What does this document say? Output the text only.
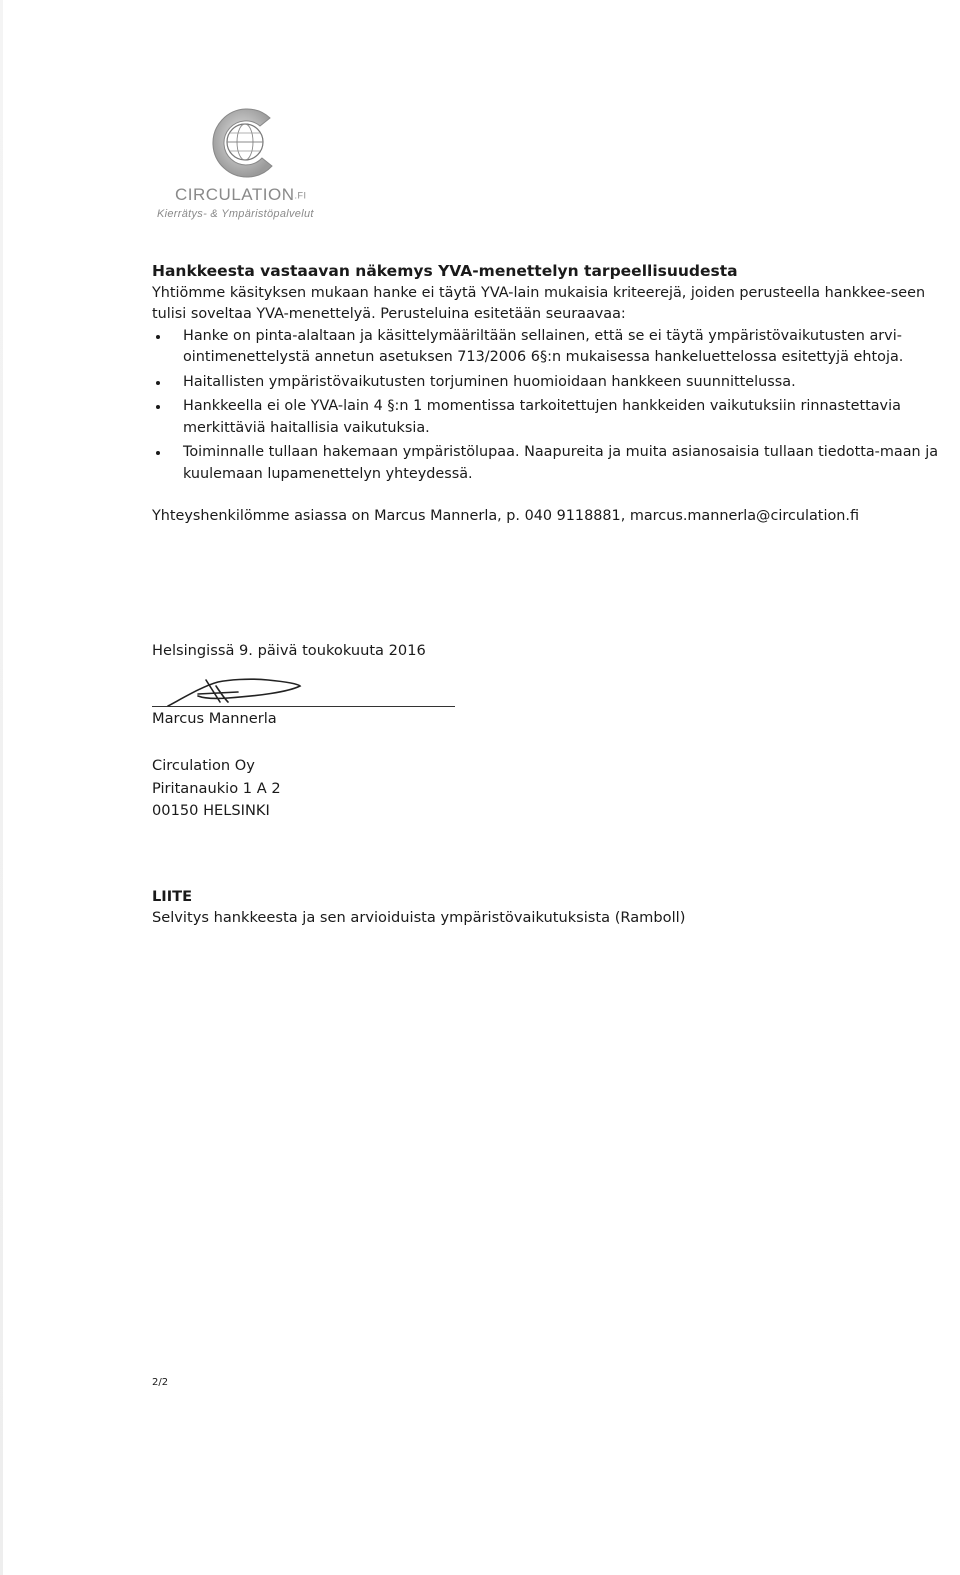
CIRCULATION.FI
Kierrätys- & Ympäristöpalvelut

Hankkeesta vastaavan näkemys YVA-menettelyn tarpeellisuudesta

Yhtiömme käsityksen mukaan hanke ei täytä YVA-lain mukaisia kriteerejä, joiden perusteella hankkee-seen tulisi soveltaa YVA-menettelyä. Perusteluina esitetään seuraavaa:

Hanke on pinta-alaltaan ja käsittelymääriltään sellainen, että se ei täytä ympäristövaikutusten arvi-ointimenettelystä annetun asetuksen 713/2006 6§:n mukaisessa hankeluettelossa esitettyjä ehtoja.
Haitallisten ympäristövaikutusten torjuminen huomioidaan hankkeen suunnittelussa.
Hankkeella ei ole YVA-lain 4 §:n 1 momentissa tarkoitettujen hankkeiden vaikutuksiin rinnastettavia merkittäviä haitallisia vaikutuksia.
Toiminnalle tullaan hakemaan ympäristölupaa. Naapureita ja muita asianosaisia tullaan tiedotta-maan ja kuulemaan lupamenettelyn yhteydessä.

Yhteyshenkilömme asiassa on Marcus Mannerla, p. 040 9118881, marcus.mannerla@circulation.fi

Helsingissä 9. päivä toukokuuta 2016
Marcus Mannerla
Circulation Oy
Piritanaukio 1 A 2
00150 HELSINKI
LIITE
Selvitys hankkeesta ja sen arvioiduista ympäristövaikutuksista (Ramboll)
2/2
